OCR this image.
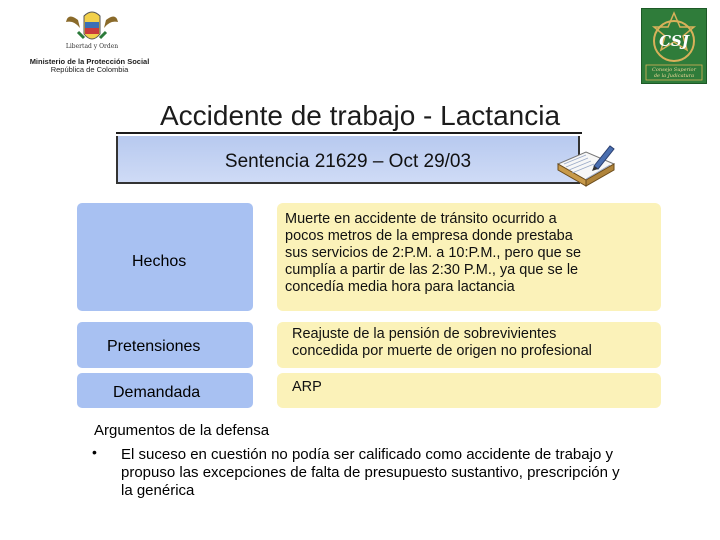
Libertad y Orden
Ministerio de la Protección Social
República de Colombia
CSJ
Consejo Superior
de la Judicatura
Accidente de trabajo - Lactancia
Sentencia 21629 – Oct 29/03
Hechos
Muerte en accidente de tránsito ocurrido a
pocos metros de la empresa donde prestaba
sus servicios de 2:P.M. a 10:P.M., pero que se
cumplía a partir de las 2:30 P.M., ya que se le
concedía media hora para lactancia
Pretensiones
Reajuste de la pensión de sobrevivientes
concedida por muerte de origen no profesional
Demandada	ARP
Argumentos de la defensa
• El suceso en cuestión no podía ser calificado como accidente de trabajo y
propuso las excepciones de falta de presupuesto sustantivo, prescripción y
la genérica
